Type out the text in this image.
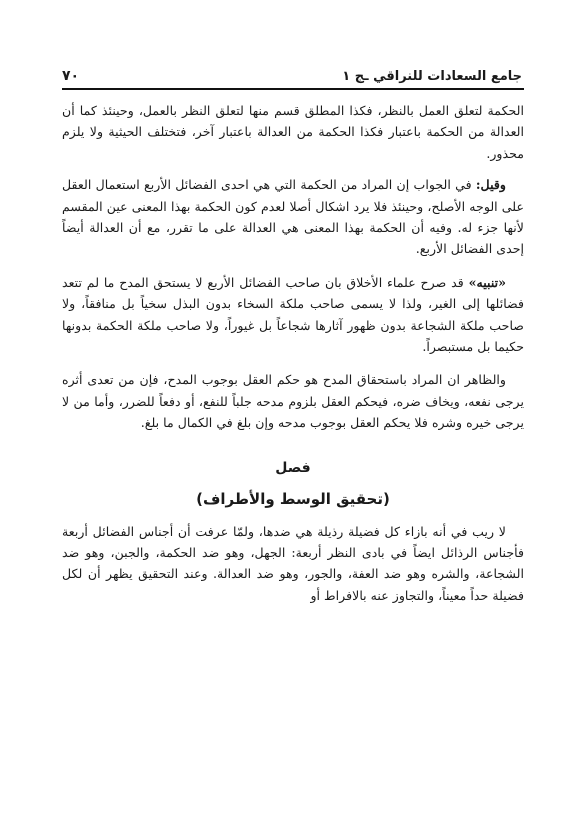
جامع السعادات للنراقي ـج ١
٧٠

الحكمة لتعلق العمل بالنظر، فكذا المطلق قسم منها لتعلق النظر بالعمل، وحينئذ كما أن العدالة من الحكمة باعتبار فكذا الحكمة من العدالة باعتبار آخر، فتختلف الحيثية ولا يلزم محذور.

وقيل: في الجواب إن المراد من الحكمة التي هي احدى الفضائل الأربع استعمال العقل على الوجه الأصلح، وحينئذ فلا يرد اشكال أصلا لعدم كون الحكمة بهذا المعنى عين المقسم لأنها جزء له. وفيه أن الحكمة بهذا المعنى هي العدالة على ما تقرر، مع أن العدالة أيضاً إحدى الفضائل الأربع.

«تنبيه» قد صرح علماء الأخلاق بان صاحب الفضائل الأربع لا يستحق المدح ما لم تتعد فضائلها إلى الغير، ولذا لا يسمى صاحب ملكة السخاء بدون البذل سخياً بل منافقاً، ولا صاحب ملكة الشجاعة بدون ظهور آثارها شجاعاً بل غيوراً، ولا صاحب ملكة الحكمة بدونها حكيما بل مستبصراً.

والظاهر ان المراد باستحقاق المدح هو حكم العقل بوجوب المدح، فإن من تعدى أثره يرجى نفعه، ويخاف ضره، فيحكم العقل بلزوم مدحه جلباً للنفع، أو دفعاً للضرر، وأما من لا يرجى خيره وشره فلا يحكم العقل بوجوب مدحه وإن بلغ في الكمال ما بلغ.

فصل
(تحقيق الوسط والأطراف)

لا ريب في أنه بازاء كل فضيلة رذيلة هي ضدها، ولمّا عرفت أن أجناس الفضائل أربعة فأجناس الرذائل ايضاً في بادى النظر أربعة: الجهل، وهو ضد الحكمة، والجبن، وهو ضد الشجاعة، والشره وهو ضد العفة، والجور، وهو ضد العدالة. وعند التحقيق يظهر أن لكل فضيلة حداً معيناً، والتجاوز عنه بالافراط أو
